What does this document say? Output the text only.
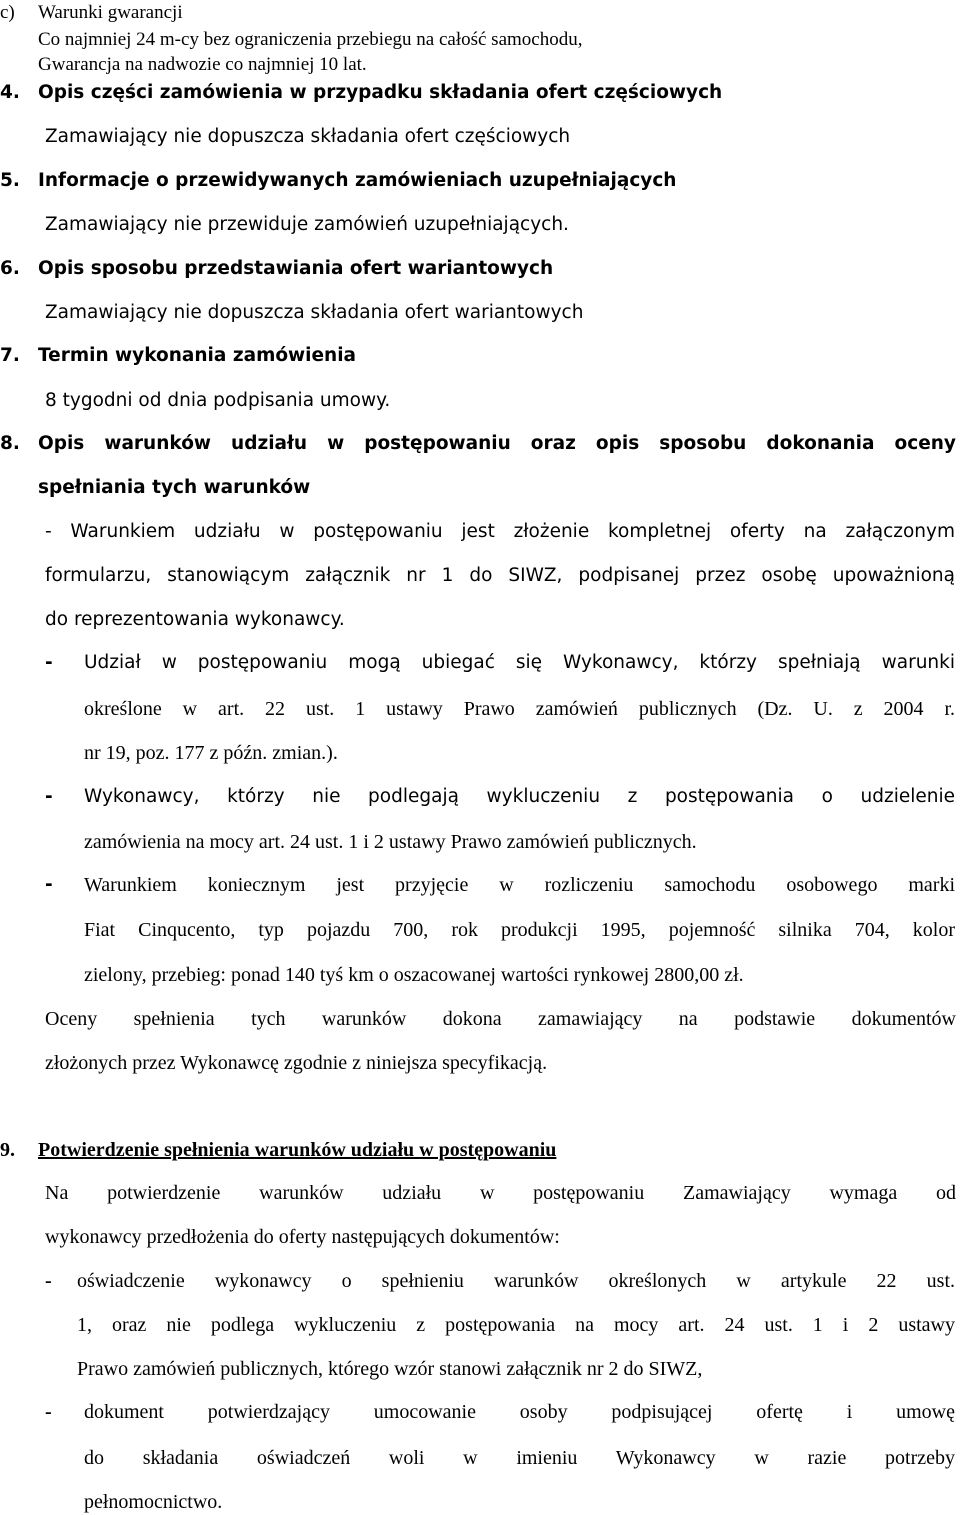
c) Warunki gwarancji
Co najmniej 24 m-cy bez ograniczenia przebiegu na całość samochodu,
Gwarancja na nadwozie co najmniej 10 lat.
4. Opis części zamówienia w przypadku składania ofert częściowych
Zamawiający nie dopuszcza składania ofert częściowych
5. Informacje o przewidywanych zamówieniach uzupełniających
Zamawiający nie przewiduje zamówień uzupełniających.
6. Opis sposobu przedstawiania ofert wariantowych
Zamawiający nie dopuszcza składania ofert wariantowych
7. Termin wykonania zamówienia
8 tygodni od dnia podpisania umowy.
8. Opis warunków udziału w postępowaniu oraz opis sposobu dokonania oceny
spełniania tych warunków
- Warunkiem udziału w postępowaniu jest złożenie kompletnej oferty na załączonym
formularzu, stanowiącym załącznik nr 1 do SIWZ, podpisanej przez osobę upoważnioną
do reprezentowania wykonawcy.
- Udział w postępowaniu mogą ubiegać się Wykonawcy, którzy spełniają warunki
określone w art. 22 ust. 1 ustawy Prawo zamówień publicznych (Dz. U. z 2004 r.
nr 19, poz. 177 z późn. zmian.).
- Wykonawcy, którzy nie podlegają wykluczeniu z postępowania o udzielenie
zamówienia na mocy art. 24 ust. 1 i 2 ustawy Prawo zamówień publicznych.
- Warunkiem koniecznym jest przyjęcie w rozliczeniu samochodu osobowego marki
Fiat Cinqucento, typ pojazdu 700, rok produkcji 1995, pojemność silnika 704, kolor
zielony, przebieg: ponad 140 tyś km o oszacowanej wartości rynkowej 2800,00 zł.
Oceny spełnienia tych warunków dokona zamawiający na podstawie dokumentów
złożonych przez Wykonawcę zgodnie z niniejsza specyfikacją.
9. Potwierdzenie spełnienia warunków udziału w postępowaniu
Na potwierdzenie warunków udziału w postępowaniu Zamawiający wymaga od
wykonawcy przedłożenia do oferty następujących dokumentów:
- oświadczenie wykonawcy o spełnieniu warunków określonych w artykule 22 ust.
1, oraz nie podlega wykluczeniu z postępowania na mocy art. 24 ust. 1 i 2 ustawy
Prawo zamówień publicznych, którego wzór stanowi załącznik nr 2 do SIWZ,
- dokument potwierdzający umocowanie osoby podpisującej ofertę i umowę
do składania oświadczeń woli w imieniu Wykonawcy w razie potrzeby
pełnomocnictwo.
